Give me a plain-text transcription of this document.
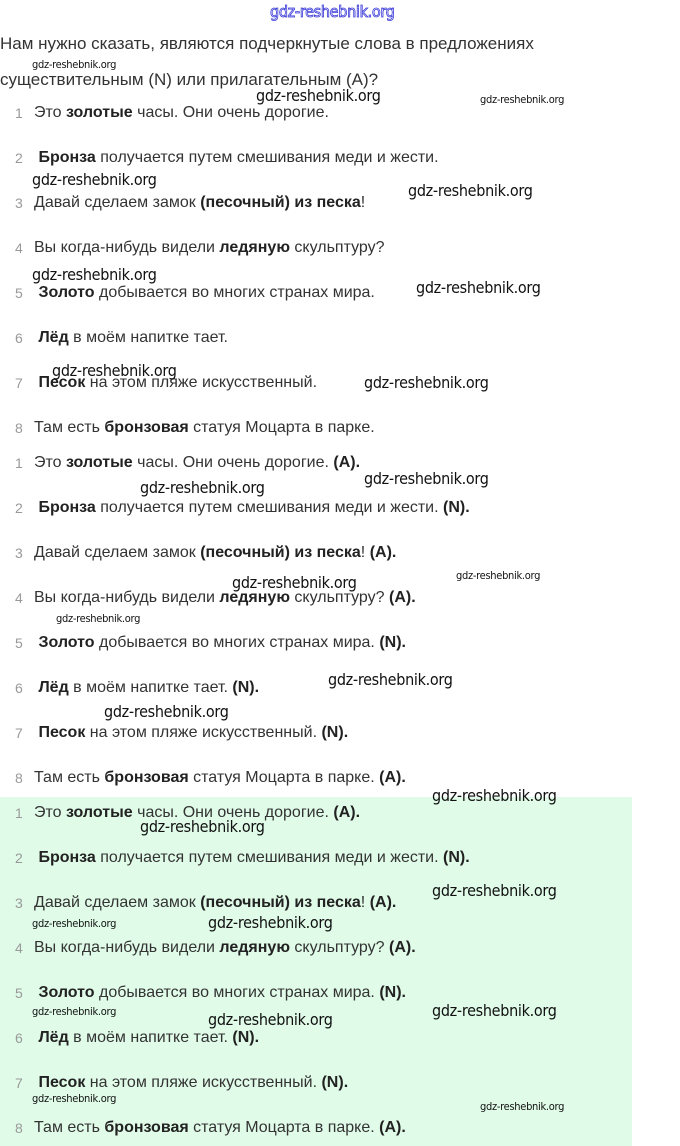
Нам нужно сказать, являются подчеркнутые слова в предложениях
существительным (N) или прилагательным (A)?
1 Это золотые часы. Они очень дорогие.
2 Бронза получается путем смешивания меди и жести.
3 Давай сделаем замок (песочный) из песка!
4 Вы когда-нибудь видели ледяную скульптуру?
5 Золото добывается во многих странах мира.
6 Лёд в моём напитке тает.
7 Песок на этом пляже искусственный.
8 Там есть бронзовая статуя Моцарта в парке.
1 Это золотые часы. Они очень дорогие. (A).
2 Бронза получается путем смешивания меди и жести. (N).
3 Давай сделаем замок (песочный) из песка! (A).
4 Вы когда-нибудь видели ледяную скульптуру? (A).
5 Золото добывается во многих странах мира. (N).
6 Лёд в моём напитке тает. (N).
7 Песок на этом пляже искусственный. (N).
8 Там есть бронзовая статуя Моцарта в парке. (A).
1 Это золотые часы. Они очень дорогие. (A).
2 Бронза получается путем смешивания меди и жести. (N).
3 Давай сделаем замок (песочный) из песка! (A).
4 Вы когда-нибудь видели ледяную скульптуру? (A).
5 Золото добывается во многих странах мира. (N).
6 Лёд в моём напитке тает. (N).
7 Песок на этом пляже искусственный. (N).
8 Там есть бронзовая статуя Моцарта в парке. (A).
gdz-reshebnik.org
gdz-reshebnik.org
gdz-reshebnik.org	gdz-reshebnik.org
gdz-reshebnik.org
gdz-reshebnik.org
gdz-reshebnik.org
gdz-reshebnik.org
gdz-reshebnik.org
gdz-reshebnik.org
gdz-reshebnik.org
gdz-reshebnik.org
gdz-reshebnik.org	gdz-reshebnik.org
gdz-reshebnik.org
gdz-reshebnik.org
gdz-reshebnik.org
gdz-reshebnik.org
gdz-reshebnik.org
gdz-reshebnik.org
gdz-reshebnik.org	gdz-reshebnik.org
gdz-reshebnik.org	gdz-reshebnik.org
gdz-reshebnik.org
gdz-reshebnik.org
gdz-reshebnik.org
